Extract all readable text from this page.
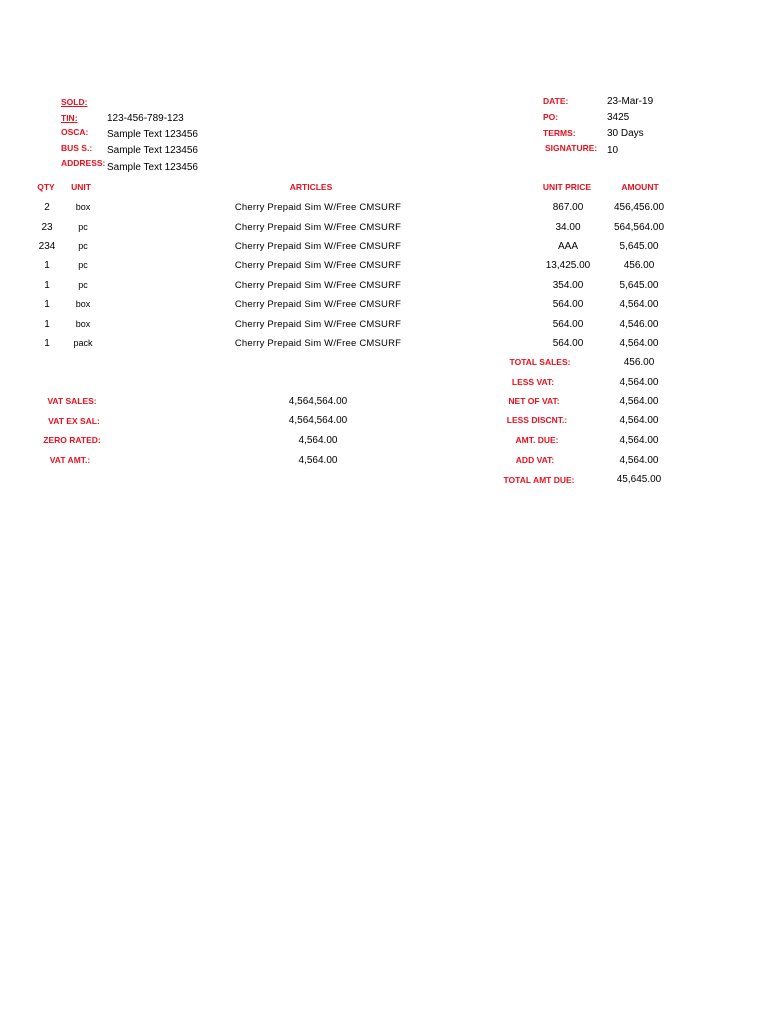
SOLD:
TIN:	123-456-789-123
OSCA: Sample Text 123456
BUS S.: Sample Text 123456
ADDRESS: Sample Text 123456
DATE:	23-Mar-19
PO:	3425
TERMS:	30 Days
SIGNATURE: 10
QTY UNIT	ARTICLES	UNIT PRICE	AMOUNT
2	box	Cherry Prepaid Sim W/Free CMSURF	867.00	456,456.00
23	pc	Cherry Prepaid Sim W/Free CMSURF	34.00	564,564.00
234	pc	Cherry Prepaid Sim W/Free CMSURF	AAA	5,645.00
1	pc	Cherry Prepaid Sim W/Free CMSURF	13,425.00	456.00
1	pc	Cherry Prepaid Sim W/Free CMSURF	354.00	5,645.00
1	box	Cherry Prepaid Sim W/Free CMSURF	564.00	4,564.00
1	box	Cherry Prepaid Sim W/Free CMSURF	564.00	4,546.00
1	pack	Cherry Prepaid Sim W/Free CMSURF	564.00	4,564.00
TOTAL SALES:	456.00
LESS VAT:	4,564.00
NET OF VAT:	4,564.00
LESS DISCNT.:	4,564.00
AMT. DUE:	4,564.00
ADD VAT:	4,564.00
TOTAL AMT DUE:	45,645.00
VAT SALES:	4,564,564.00
VAT EX SAL:	4,564,564.00
ZERO RATED:	4,564.00
VAT AMT.:	4,564.00
